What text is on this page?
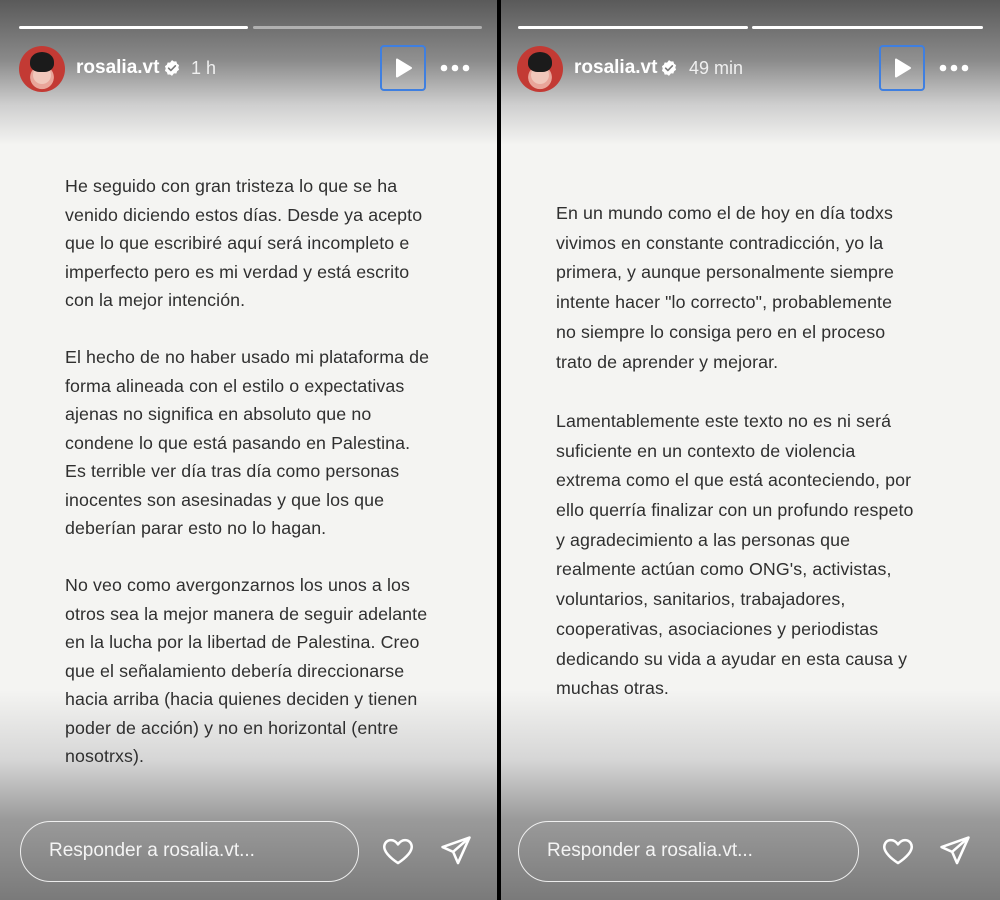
rosalia.vt 1 h

He seguido con gran tristeza lo que se ha
venido diciendo estos días. Desde ya acepto
que lo que escribiré aquí será incompleto e
imperfecto pero es mi verdad y está escrito
con la mejor intención.

El hecho de no haber usado mi plataforma de
forma alineada con el estilo o expectativas
ajenas no significa en absoluto que no
condene lo que está pasando en Palestina.
Es terrible ver día tras día como personas
inocentes son asesinadas y que los que
deberían parar esto no lo hagan.

No veo como avergonzarnos los unos a los
otros sea la mejor manera de seguir adelante
en la lucha por la libertad de Palestina. Creo
que el señalamiento debería direccionarse
hacia arriba (hacia quienes deciden y tienen
poder de acción) y no en horizontal (entre
nosotrxs).

Responder a rosalia.vt...
rosalia.vt 49 min

En un mundo como el de hoy en día todxs
vivimos en constante contradicción, yo la
primera, y aunque personalmente siempre
intente hacer "lo correcto", probablemente
no siempre lo consiga pero en el proceso
trato de aprender y mejorar.

Lamentablemente este texto no es ni será
suficiente en un contexto de violencia
extrema como el que está aconteciendo, por
ello querría finalizar con un profundo respeto
y agradecimiento a las personas que
realmente actúan como ONG's, activistas,
voluntarios, sanitarios, trabajadores,
cooperativas, asociaciones y periodistas
dedicando su vida a ayudar en esta causa y
muchas otras.

Responder a rosalia.vt...
